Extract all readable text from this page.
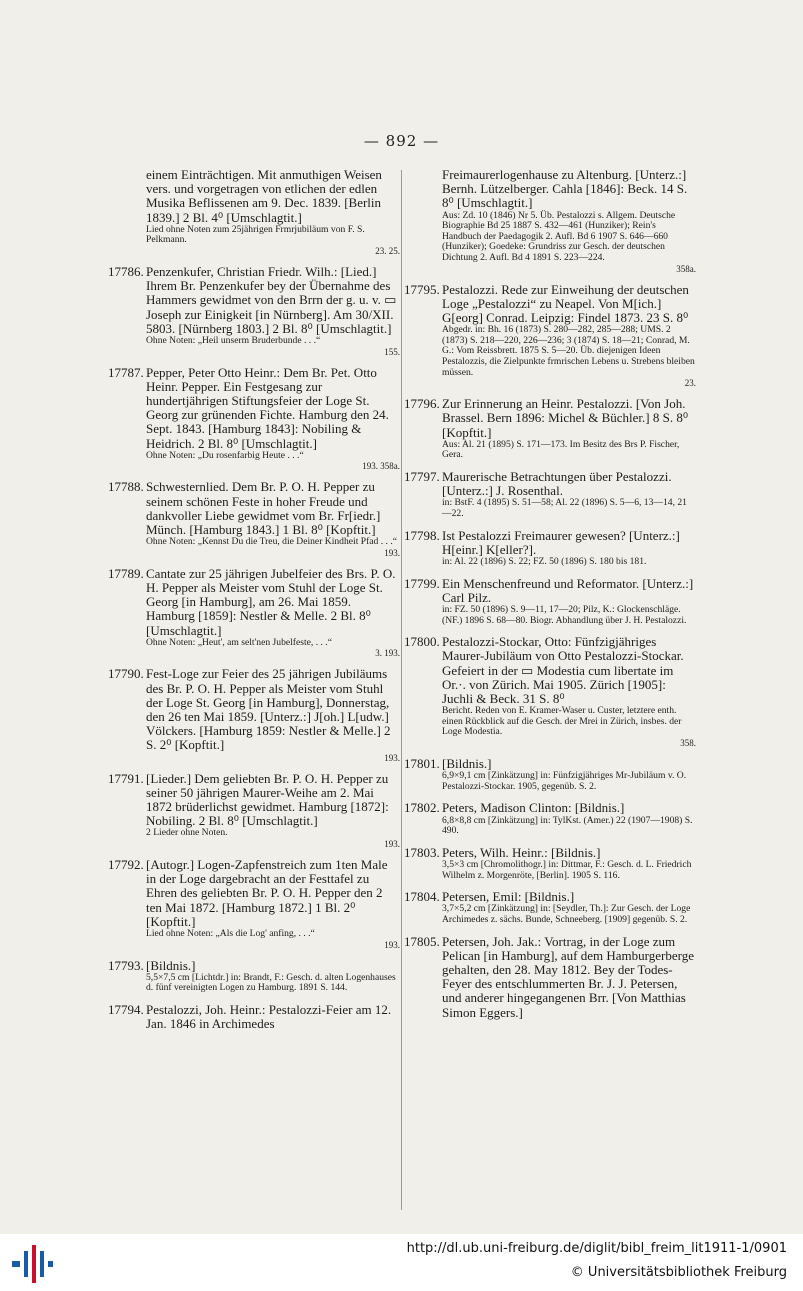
— 892 —
einem Einträchtigen. Mit anmuthigen Weisen vers. und vorgetragen von etlichen der edlen Musika Beflissenen am 9. Dec. 1839. [Berlin 1839.] 2 Bl. 4⁰ [Umschlagtit.]
Lied ohne Noten zum 25jährigen Frmrjubiläum von F. S. Pelkmann.
23. 25.
17786. Penzenkufer, Christian Friedr. Wilh.: [Lied.] Ihrem Br. Penzenkufer bey der Übernahme des Hammers gewidmet von den Brrn der g. u. v. ▭ Joseph zur Einigkeit [in Nürnberg]. Am 30/XII. 5803. [Nürnberg 1803.] 2 Bl. 8⁰ [Umschlagtit.]
Ohne Noten: „Heil unserm Bruderbunde . . .“
155.
17787. Pepper, Peter Otto Heinr.: Dem Br. Pet. Otto Heinr. Pepper. Ein Festgesang zur hundertjährigen Stiftungsfeier der Loge St. Georg zur grünenden Fichte. Hamburg den 24. Sept. 1843. [Hamburg 1843]: Nobiling & Heidrich. 2 Bl. 8⁰ [Umschlagtit.]
Ohne Noten: „Du rosenfarbig Heute . . .“
193. 358a.
17788. Schwesternlied. Dem Br. P. O. H. Pepper zu seinem schönen Feste in hoher Freude und dankvoller Liebe gewidmet vom Br. Fr[iedr.] Münch. [Hamburg 1843.] 1 Bl. 8⁰ [Kopftit.]
Ohne Noten: „Kennst Du die Treu, die Deiner Kindheit Pfad . . .“
193.
17789. Cantate zur 25 jährigen Jubelfeier des Brs. P. O. H. Pepper als Meister vom Stuhl der Loge St. Georg [in Hamburg], am 26. Mai 1859. Hamburg [1859]: Nestler & Melle. 2 Bl. 8⁰ [Umschlagtit.]
Ohne Noten: „Heut', am selt'nen Jubelfeste, . . .“
3. 193.
17790. Fest-Loge zur Feier des 25 jährigen Jubiläums des Br. P. O. H. Pepper als Meister vom Stuhl der Loge St. Georg [in Hamburg], Donnerstag, den 26 ten Mai 1859. [Unterz.:] J[oh.] L[udw.] Völckers. [Hamburg 1859: Nestler & Melle.] 2 S. 2⁰ [Kopftit.]
193.
17791. [Lieder.] Dem geliebten Br. P. O. H. Pepper zu seiner 50 jährigen Maurer-Weihe am 2. Mai 1872 brüderlichst gewidmet. Hamburg [1872]: Nobiling. 2 Bl. 8⁰ [Umschlagtit.]
2 Lieder ohne Noten.
193.
17792. [Autogr.] Logen-Zapfenstreich zum 1ten Male in der Loge dargebracht an der Festtafel zu Ehren des geliebten Br. P. O. H. Pepper den 2 ten Mai 1872. [Hamburg 1872.] 1 Bl. 2⁰ [Kopftit.]
Lied ohne Noten: „Als die Log' anfing, . . .“
193.
17793. [Bildnis.]
5,5×7,5 cm [Lichtdr.] in: Brandt, F.: Gesch. d. alten Logenhauses d. fünf vereinigten Logen zu Hamburg. 1891 S. 144.
17794. Pestalozzi, Joh. Heinr.: Pestalozzi-Feier am 12. Jan. 1846 in Archimedes
Freimaurerlogenhause zu Altenburg. [Unterz.:] Bernh. Lützelberger. Cahla [1846]: Beck. 14 S. 8⁰ [Umschlagtit.]
Aus: Zd. 10 (1846) Nr 5. Üb. Pestalozzi s. Allgem. Deutsche Biographie Bd 25 1887 S. 432—461 (Hunziker); Rein's Handbuch der Paedagogik 2. Aufl. Bd 6 1907 S. 646—660 (Hunziker); Goedeke: Grundriss zur Gesch. der deutschen Dichtung 2. Aufl. Bd 4 1891 S. 223—224.
358a.
17795. Pestalozzi. Rede zur Einweihung der deutschen Loge „Pestalozzi“ zu Neapel. Von M[ich.] G[eorg] Conrad. Leipzig: Findel 1873. 23 S. 8⁰
Abgedr. in: Bh. 16 (1873) S. 280—282, 285—288; UMS. 2 (1873) S. 218—220, 226—236; 3 (1874) S. 18—21; Conrad, M. G.: Vom Reissbrett. 1875 S. 5—20. Üb. diejenigen Ideen Pestalozzis, die Zielpunkte frmrischen Lebens u. Strebens bleiben müssen.
23.
17796. Zur Erinnerung an Heinr. Pestalozzi. [Von Joh. Brassel. Bern 1896: Michel & Büchler.] 8 S. 8⁰ [Kopftit.]
Aus: Al. 21 (1895) S. 171—173. Im Besitz des Brs P. Fischer, Gera.
17797. Maurerische Betrachtungen über Pestalozzi. [Unterz.:] J. Rosenthal.
in: BstF. 4 (1895) S. 51—58; Al. 22 (1896) S. 5—6, 13—14, 21—22.
17798. Ist Pestalozzi Freimaurer gewesen? [Unterz.:] H[einr.] K[eller?].
in: Al. 22 (1896) S. 22; FZ. 50 (1896) S. 180 bis 181.
17799. Ein Menschenfreund und Reformator. [Unterz.:] Carl Pilz.
in: FZ. 50 (1896) S. 9—11, 17—20; Pilz, K.: Glockenschläge. (NF.) 1896 S. 68—80. Biogr. Abhandlung über J. H. Pestalozzi.
17800. Pestalozzi-Stockar, Otto: Fünfzigjähriges Maurer-Jubiläum von Otto Pestalozzi-Stockar. Gefeiert in der ▭ Modestia cum libertate im Or.·. von Zürich. Mai 1905. Zürich [1905]: Juchli & Beck. 31 S. 8⁰
Bericht. Reden von E. Kramer-Waser u. Custer, letztere enth. einen Rückblick auf die Gesch. der Mrei in Zürich, insbes. der Loge Modestia.
358.
17801. [Bildnis.]
6,9×9,1 cm [Zinkätzung] in: Fünfzigjähriges Mr-Jubiläum v. O. Pestalozzi-Stockar. 1905, gegenüb. S. 2.
17802. Peters, Madison Clinton: [Bildnis.]
6,8×8,8 cm [Zinkätzung] in: TylKst. (Amer.) 22 (1907—1908) S. 490.
17803. Peters, Wilh. Heinr.: [Bildnis.]
3,5×3 cm [Chromolithogr.] in: Dittmar, F.: Gesch. d. L. Friedrich Wilhelm z. Morgenröte, [Berlin]. 1905 S. 116.
17804. Petersen, Emil: [Bildnis.]
3,7×5,2 cm [Zinkätzung] in: [Seydler, Th.]: Zur Gesch. der Loge Archimedes z. sächs. Bunde, Schneeberg. [1909] gegenüb. S. 2.
17805. Petersen, Joh. Jak.: Vortrag, in der Loge zum Pelican [in Hamburg], auf dem Hamburgerberge gehalten, den 28. May 1812. Bey der Todes-Feyer des entschlummerten Br. J. J. Petersen, und anderer hingegangenen Brr. [Von Matthias Simon Eggers.]
http://dl.ub.uni-freiburg.de/diglit/bibl_freim_lit1911-1/0901
© Universitätsbibliothek Freiburg
